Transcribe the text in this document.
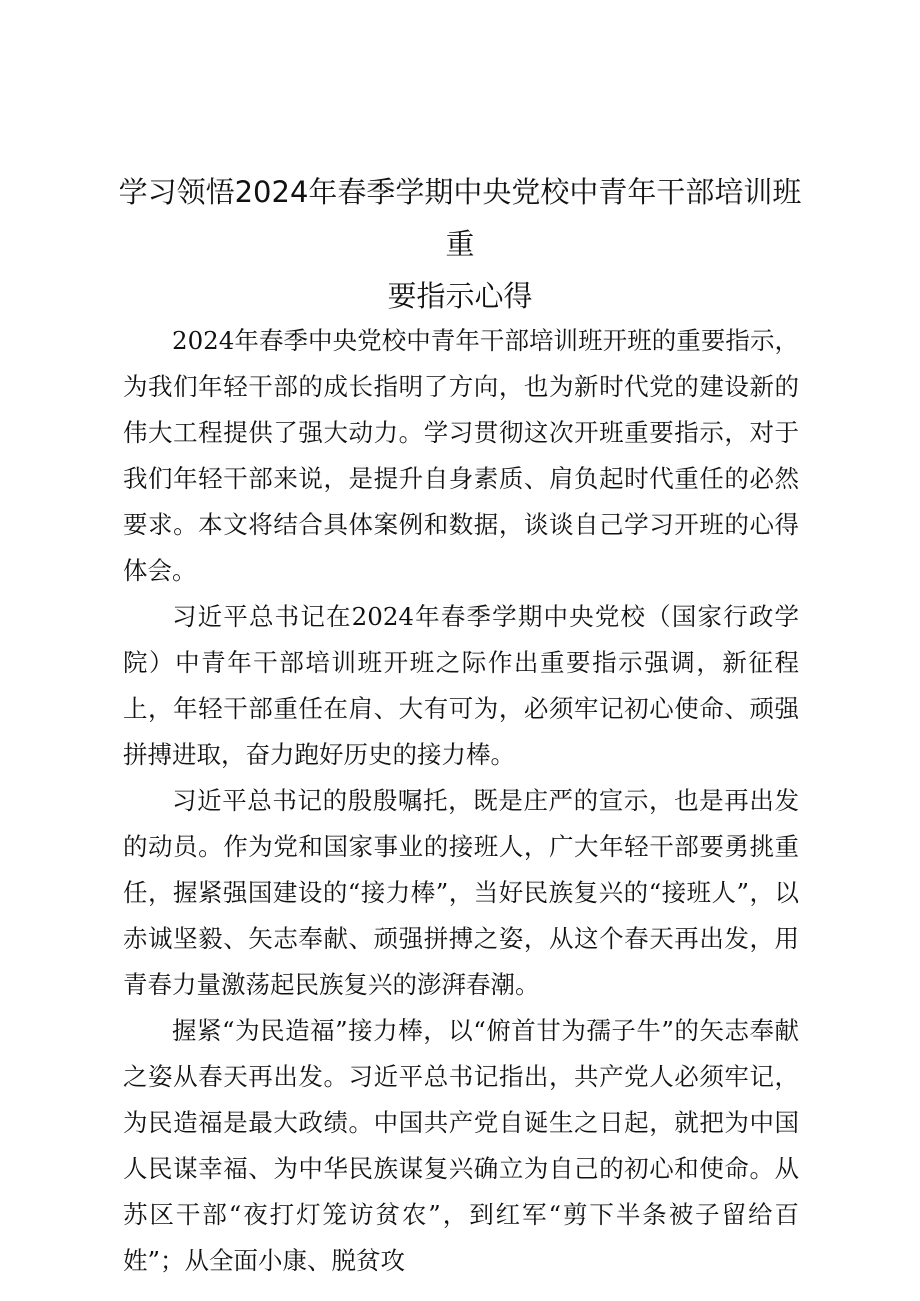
学习领悟2024年春季学期中央党校中青年干部培训班重
要指示心得

2024年春季中央党校中青年干部培训班开班的重要指示，为我们年轻干部的成长指明了方向，也为新时代党的建设新的伟大工程提供了强大动力。学习贯彻这次开班重要指示，对于我们年轻干部来说，是提升自身素质、肩负起时代重任的必然要求。本文将结合具体案例和数据，谈谈自己学习开班的心得体会。

习近平总书记在2024年春季学期中央党校（国家行政学院）中青年干部培训班开班之际作出重要指示强调，新征程上，年轻干部重任在肩、大有可为，必须牢记初心使命、顽强拼搏进取，奋力跑好历史的接力棒。

习近平总书记的殷殷嘱托，既是庄严的宣示，也是再出发的动员。作为党和国家事业的接班人，广大年轻干部要勇挑重任，握紧强国建设的“接力棒”，当好民族复兴的“接班人”，以赤诚坚毅、矢志奉献、顽强拼搏之姿，从这个春天再出发，用青春力量激荡起民族复兴的澎湃春潮。

握紧“为民造福”接力棒，以“俯首甘为孺子牛”的矢志奉献之姿从春天再出发。习近平总书记指出，共产党人必须牢记，为民造福是最大政绩。中国共产党自诞生之日起，就把为中国人民谋幸福、为中华民族谋复兴确立为自己的初心和使命。从苏区干部“夜打灯笼访贫农”，到红军“剪下半条被子留给百姓”；从全面小康、脱贫攻
